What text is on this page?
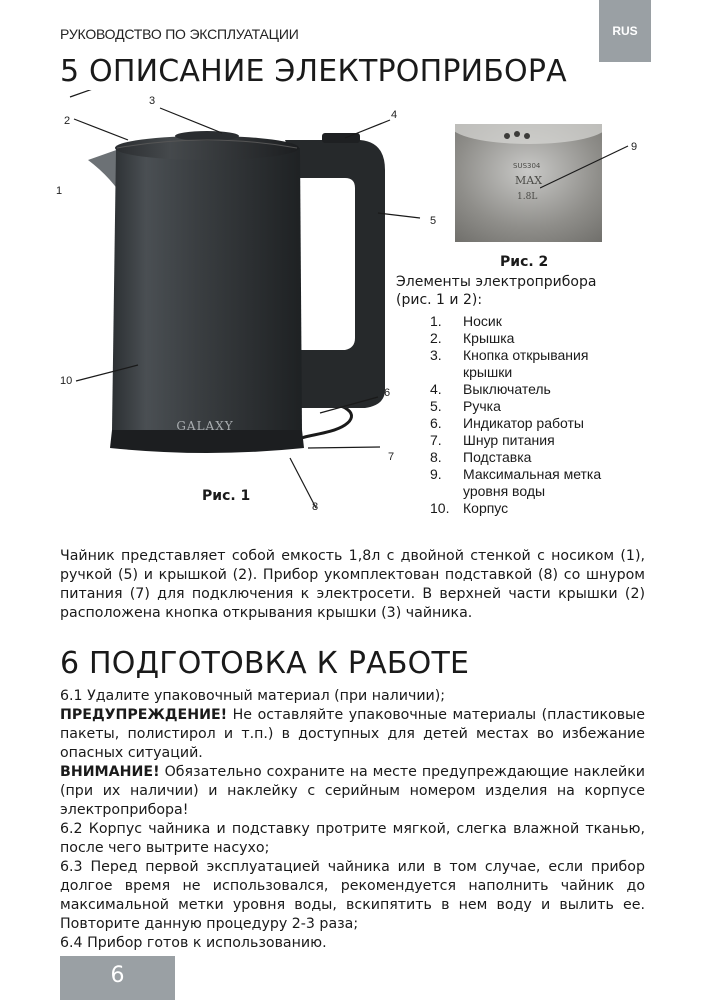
РУКОВОДСТВО ПО ЭКСПЛУАТАЦИИ	RUS
5 ОПИСАНИЕ ЭЛЕКТРОПРИБОРА
GALAXY
1
2
3
4
5
6
7
8
10
Рис. 1
SUS304
MAX
1.8L
9
Рис. 2
Элементы электроприбора
(рис. 1 и 2):
1.	Носик
2.	Крышка
3.	Кнопка открывания крышки
4.	Выключатель
5.	Ручка
6.	Индикатор работы
7.	Шнур питания
8.	Подставка
9.	Максимальная метка уровня воды
10. Корпус

Чайник представляет собой емкость 1,8л с двойной стенкой с носиком (1), ручкой (5) и крышкой (2). Прибор укомплектован подставкой (8) со шнуром питания (7) для подключения к электросети. В верхней части крышки (2) расположена кнопка открывания крышки (3) чайника.

6 ПОДГОТОВКА К РАБОТЕ

6.1 Удалите упаковочный материал (при наличии);

ПРЕДУПРЕЖДЕНИЕ! Не оставляйте упаковочные материалы (пластиковые пакеты, полистирол и т.п.) в доступных для детей местах во избежание опасных ситуаций.

ВНИМАНИЕ! Обязательно сохраните на месте предупреждающие наклейки (при их наличии) и наклейку с серийным номером изделия на корпусе электроприбора!

6.2 Корпус чайника и подставку протрите мягкой, слегка влажной тканью, после чего вытрите насухо;

6.3 Перед первой эксплуатацией чайника или в том случае, если прибор долгое время не использовался, рекомендуется наполнить чайник до максимальной метки уровня воды, вскипятить в нем воду и вылить ее. Повторите данную процедуру 2-3 раза;

6.4 Прибор готов к использованию.

6
